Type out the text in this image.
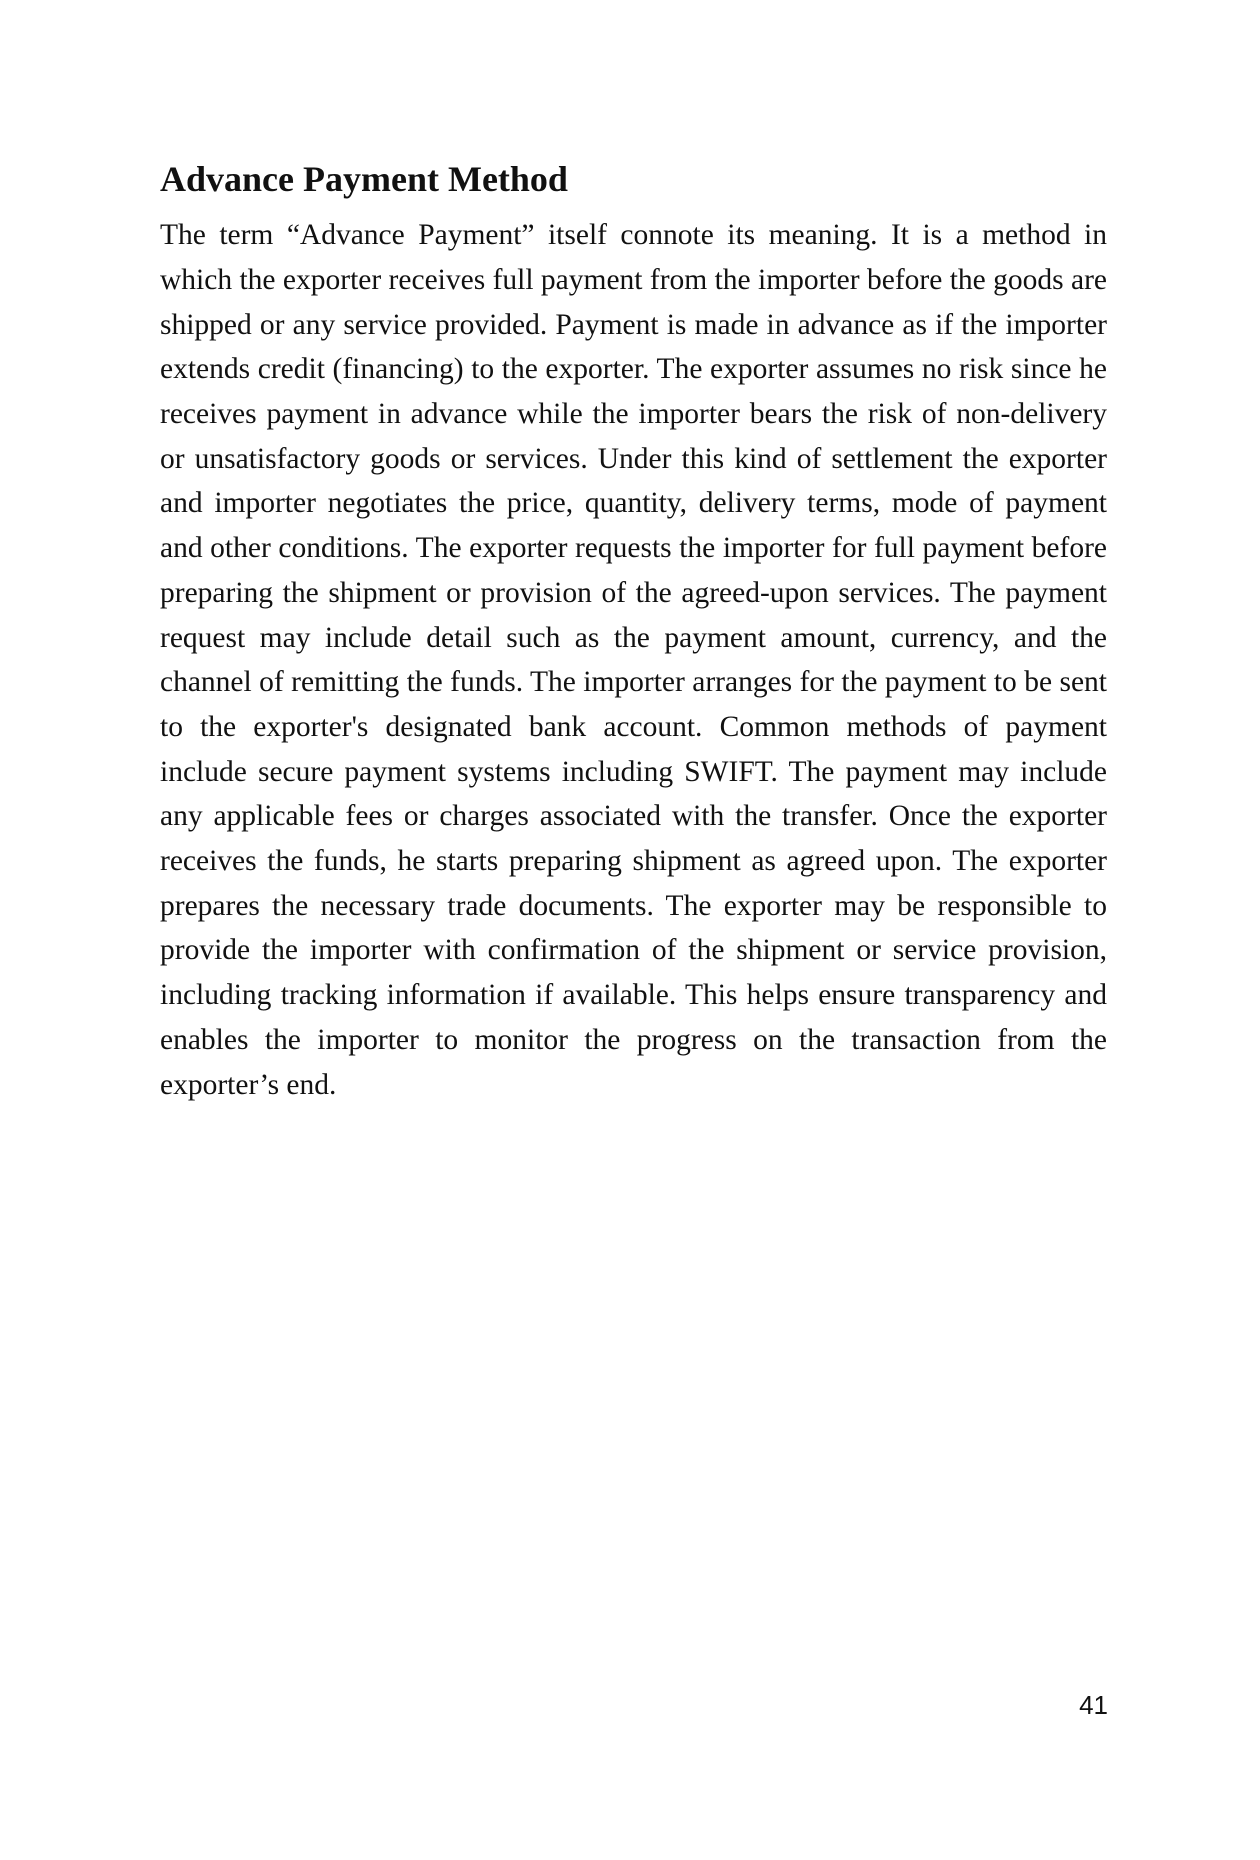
Advance Payment Method

The term “Advance Payment” itself connote its meaning. It is a method in which the exporter receives full payment from the importer before the goods are shipped or any service provided. Payment is made in advance as if the importer extends credit (financing) to the exporter. The exporter assumes no risk since he receives payment in advance while the importer bears the risk of non-delivery or unsatisfactory goods or services. Under this kind of settlement the exporter and importer negotiates the price, quantity, delivery terms, mode of payment and other conditions. The exporter requests the importer for full payment before preparing the shipment or provision of the agreed-upon services. The payment request may include detail such as the payment amount, currency, and the channel of remitting the funds. The importer arranges for the payment to be sent to the exporter's designated bank account. Common methods of payment include secure payment systems including SWIFT. The payment may include any applicable fees or charges associated with the transfer. Once the exporter receives the funds, he starts preparing shipment as agreed upon. The exporter prepares the necessary trade documents. The exporter may be responsible to provide the importer with confirmation of the shipment or service provision, including tracking information if available. This helps ensure transparency and enables the importer to monitor the progress on the transaction from the exporter’s end.

41
